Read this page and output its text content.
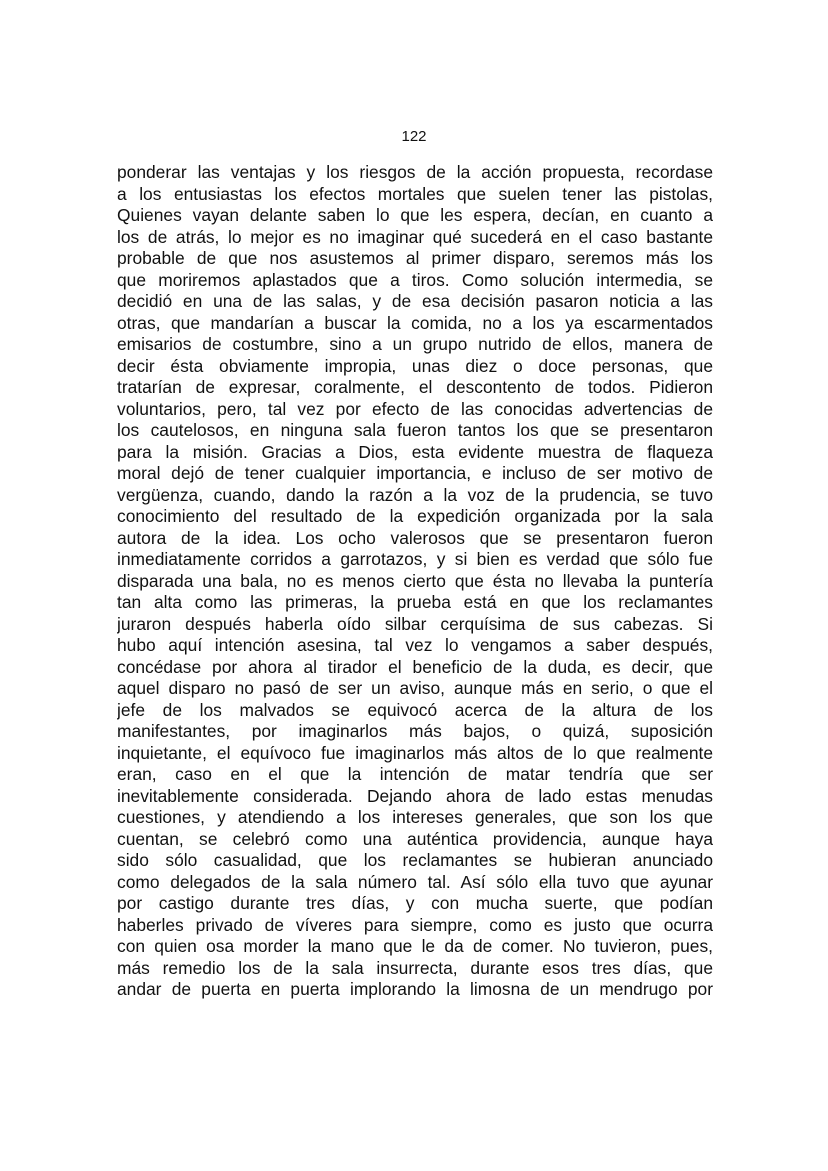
122
ponderar las ventajas y los riesgos de la acción propuesta, recordase
a los entusiastas los efectos mortales que suelen tener las pistolas,
Quienes vayan delante saben lo que les espera, decían, en cuanto a
los de atrás, lo mejor es no imaginar qué sucederá en el caso bastante
probable de que nos asustemos al primer disparo, seremos más los
que moriremos aplastados que a tiros. Como solución intermedia, se
decidió en una de las salas, y de esa decisión pasaron noticia a las
otras, que mandarían a buscar la comida, no a los ya escarmentados
emisarios de costumbre, sino a un grupo nutrido de ellos, manera de
decir ésta obviamente impropia, unas diez o doce personas, que
tratarían de expresar, coralmente, el descontento de todos. Pidieron
voluntarios, pero, tal vez por efecto de las conocidas advertencias de
los cautelosos, en ninguna sala fueron tantos los que se presentaron
para la misión. Gracias a Dios, esta evidente muestra de flaqueza
moral dejó de tener cualquier importancia, e incluso de ser motivo de
vergüenza, cuando, dando la razón a la voz de la prudencia, se tuvo
conocimiento del resultado de la expedición organizada por la sala
autora de la idea. Los ocho valerosos que se presentaron fueron
inmediatamente corridos a garrotazos, y si bien es verdad que sólo fue
disparada una bala, no es menos cierto que ésta no llevaba la puntería
tan alta como las primeras, la prueba está en que los reclamantes
juraron después haberla oído silbar cerquísima de sus cabezas. Si
hubo aquí intención asesina, tal vez lo vengamos a saber después,
concédase por ahora al tirador el beneficio de la duda, es decir, que
aquel disparo no pasó de ser un aviso, aunque más en serio, o que el
jefe de los malvados se equivocó acerca de la altura de los
manifestantes, por imaginarlos más bajos, o quizá, suposición
inquietante, el equívoco fue imaginarlos más altos de lo que realmente
eran, caso en el que la intención de matar tendría que ser
inevitablemente considerada. Dejando ahora de lado estas menudas
cuestiones, y atendiendo a los intereses generales, que son los que
cuentan, se celebró como una auténtica providencia, aunque haya
sido sólo casualidad, que los reclamantes se hubieran anunciado
como delegados de la sala número tal. Así sólo ella tuvo que ayunar
por castigo durante tres días, y con mucha suerte, que podían
haberles privado de víveres para siempre, como es justo que ocurra
con quien osa morder la mano que le da de comer. No tuvieron, pues,
más remedio los de la sala insurrecta, durante esos tres días, que
andar de puerta en puerta implorando la limosna de un mendrugo por
